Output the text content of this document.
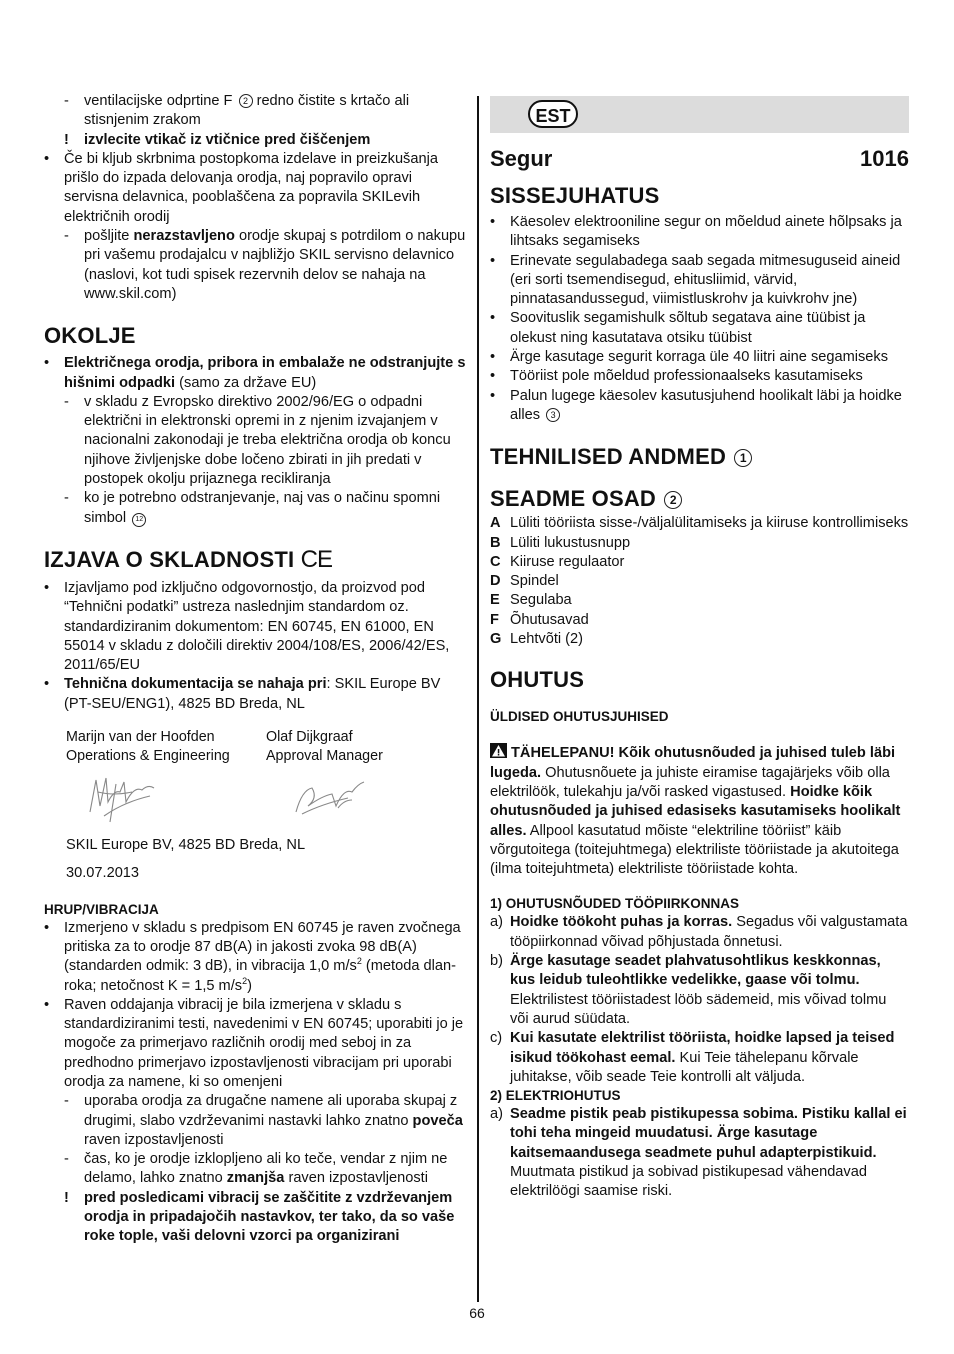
-	ventilacijske odprtine F 2 redno čistite s krtačo ali stisnjenim zrakom
!	izvlecite vtikač iz vtičnice pred čiščenjem
•	Če bi kljub skrbnima postopkoma izdelave in preizkušanja prišlo do izpada delovanja orodja, naj popravilo opravi servisna delavnica, pooblaščena za popravila SKILevih električnih orodij
-	pošljite nerazstavljeno orodje skupaj s potrdilom o nakupu pri vašemu prodajalcu v najbližjo SKIL servisno delavnico (naslovi, kot tudi spisek rezervnih delov se nahaja na www.skil.com)
OKOLJE
•	Električnega orodja, pribora in embalaže ne odstranjujte s hišnimi odpadki (samo za države EU)
-	v skladu z Evropsko direktivo 2002/96/EG o odpadni električni in elektronski opremi in z njenim izvajanjem v nacionalni zakonodaji je treba električna orodja ob koncu njihove življenjske dobe ločeno zbirati in jih predati v postopek okolju prijaznega recikliranja
-	ko je potrebno odstranjevanje, naj vas o načinu spomni simbol 12
IZJAVA O SKLADNOSTI CE
•	Izjavljamo pod izključno odgovornostjo, da proizvod pod “Tehnični podatki” ustreza naslednjim standardom oz. standardiziranim dokumentom: EN 60745, EN 61000, EN 55014 v skladu z določili direktiv 2004/108/ES, 2006/42/ES, 2011/65/EU
•	Tehnična dokumentacija se nahaja pri: SKIL Europe BV (PT-SEU/ENG1), 4825 BD Breda, NL
Marijn van der Hoofden
Operations & Engineering
Olaf Dijkgraaf
Approval Manager
SKIL Europe BV, 4825 BD Breda, NL
30.07.2013
HRUP/VIBRACIJA
•	Izmerjeno v skladu s predpisom EN 60745 je raven zvočnega pritiska za to orodje 87 dB(A) in jakosti zvoka 98 dB(A) (standarden odmik: 3 dB), in vibracija 1,0 $m/s^2$ (metoda dlan-roka; netočnost K = 1,5 $m/s^2$)
•	Raven oddajanja vibracij je bila izmerjena v skladu s standardiziranimi testi, navedenimi v EN 60745; uporabiti jo je mogoče za primerjavo različnih orodij med seboj in za predhodno primerjavo izpostavljenosti vibracijam pri uporabi orodja za namene, ki so omenjeni
-	uporaba orodja za drugačne namene ali uporaba skupaj z drugimi, slabo vzdrževanimi nastavki lahko znatno poveča raven izpostavljenosti
-	čas, ko je orodje izklopljeno ali ko teče, vendar z njim ne delamo, lahko znatno zmanjša raven izpostavljenosti
!	pred posledicami vibracij se zaščitite z vzdrževanjem orodja in pripadajočih nastavkov, ter tako, da so vaše roke tople, vaši delovni vzorci pa organizirani
EST
Segur	1016
SISSEJUHATUS
•	Käesolev elektrooniline segur on mõeldud ainete hõlpsaks ja lihtsaks segamiseks
•	Erinevate segulabadega saab segada mitmesuguseid aineid (eri sorti tsemendisegud, ehitusliimid, värvid, pinnatasandussegud, viimistluskrohv ja kuivkrohv jne)
•	Soovituslik segamishulk sõltub segatava aine tüübist ja olekust ning kasutatava otsiku tüübist
•	Ärge kasutage segurit korraga üle 40 liitri aine segamiseks
•	Tööriist pole mõeldud professionaalseks kasutamiseks
•	Palun lugege käesolev kasutusjuhend hoolikalt läbi ja hoidke alles 3
TEHNILISED ANDMED 1
SEADME OSAD 2
A Lüliti tööriista sisse-/väljalülitamiseks ja kiiruse kontrollimiseks
B Lüliti lukustusnupp
C Kiiruse regulaator
D Spindel
E Segulaba
F Õhutusavad
G Lehtvõti (2)
OHUTUS
ÜLDISED OHUTUSJUHISED

TÄHELEPANU! Kõik ohutusnõuded ja juhised tuleb läbi lugeda. Ohutusnõuete ja juhiste eiramise tagajärjeks võib olla elektrilöök, tulekahju ja/või rasked vigastused. Hoidke kõik ohutusnõuded ja juhised edasiseks kasutamiseks hoolikalt alles. Allpool kasutatud mõiste “elektriline tööriist” käib võrgutoitega (toitejuhtmega) elektriliste tööriistade ja akutoitega (ilma toitejuhtmeta) elektriliste tööriistade kohta.

1) OHUTUSNÕUDED TÖÖPIIRKONNAS
a) Hoidke töökoht puhas ja korras. Segadus või valgustamata tööpiirkonnad võivad põhjustada õnnetusi.
b) Ärge kasutage seadet plahvatusohtlikus keskkonnas, kus leidub tuleohtlikke vedelikke, gaase või tolmu. Elektrilistest tööriistadest lööb sädemeid, mis võivad tolmu või aurud süüdata.
c) Kui kasutate elektrilist tööriista, hoidke lapsed ja teised isikud töökohast eemal. Kui Teie tähelepanu kõrvale juhitakse, võib seade Teie kontrolli alt väljuda.
2) ELEKTRIOHUTUS
a) Seadme pistik peab pistikupessa sobima. Pistiku kallal ei tohi teha mingeid muudatusi. Ärge kasutage kaitsemaandusega seadmete puhul adapterpistikuid. Muutmata pistikud ja sobivad pistikupesad vähendavad elektrilöögi saamise riski.
66
